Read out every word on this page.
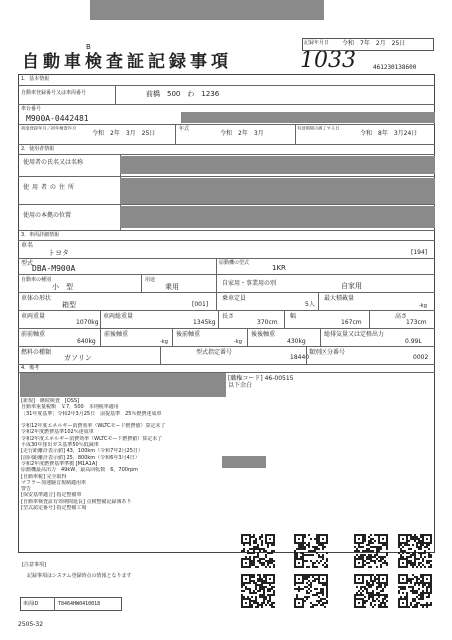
B
自動車検査証記録事項	1033
記録年月日 令和　7年　2月　25日
461230138600
1．基本情報
自動車登録番号又は車両番号	前橋　500　わ　1236
車台番号
M900A-0442481
初度登録年月／初年検査年月
令和　2年　3月　25日
年式
令和　2年　3月
有効期間の満了する日
令和　8年　3月24日
2．使用者情報
使用者の氏名又は名称
使用者の住所
使用の本拠の位置
3．車両詳細情報
車名
トヨタ	[194]
型式
DBA-M900A
原動機の型式
1KR
自動車の種別
小　型
用途
乗用	自家用・事業用の別	自家用
車体の形状
箱型	[001]
乗車定員
5人
最大積載量
-kg
車両重量
1070kg
車両総重量
1345kg
長さ
370cm
幅
167cm
高さ
173cm
前前軸重
640kg
前後軸重
-kg
後前軸重
-kg
後後軸重
430kg
総排気量又は定格出力
0.99L
燃料の種類
ガソリン
型式指定番号
18440
類別区分番号
0002
4．備考
[職権コード] 46-00515
以下余白
[新規]　継続検査　[OSS]
自動車重量税額　￥7，500　本則税率適用
［31年度基準］令和2年3月25日　前提基準　25％燃費達成車
令和12年度エネルギー消費効率（WLTCモード燃費値）算定未了
令和2年度燃費基準102％達成車
令和2年度エネルギー消費効率（WLTCモード燃費値）算定未了
平成30年排出ガス基準50％低減車
[走行距離計表示値] 43，100km（令和7年2月25日）
[前回距離計表示値] 25，800km（令和6年3月4日）
令和2年度燃費基準準拠 [M1A1A]
原動機最高出力　49kW，最高回転数　6，700rpm
[自動車税] 完全取得
マフラー加速騒音規制適用車
警告
[保安基準適合] 指定整備車
[自動車検査証有効期間延長] 点検整備記録簿あり
[型式認定番号] 指定整備工場
[注意事項]
記録事項はシステム登録時点の情報となります
車両ID	T8464HW0410018
2505-32
